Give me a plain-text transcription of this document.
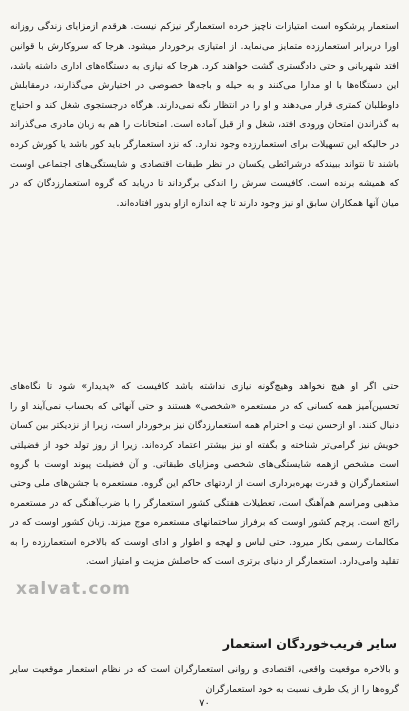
استعمار پرشکوه است امتیازات ناچیز خرده استعمارگر نیزکم نیست. هرقدم ازمزایای زندگی روزانه اورا دربرابر استعمارزده متمایز می‌نماید. از امتیازی برخوردار میشود. هرجا که سروکارش با قوانین افتد شهربانی و حتی دادگستری گشت خواهند کرد. هرجا که نیازی به دستگاه‌های اداری داشته باشد، این دستگاه‌ها با او مدارا می‌کنند و به حیله و باجه‌ها خصوصی در اختیارش می‌گذارند، درمقابلش داوطلبان کمتری قرار می‌دهند و او را در انتظار نگه نمی‌دارند. هرگاه درجستجوی شغل کند و احتیاج به گذراندن امتحان ورودی افتد، شغل و از قبل آماده است. امتحانات را هم به زبان مادری می‌گذراند در حالیکه این تسهیلات برای استعمارزده وجود ندارد. که نزد استعمارگر باید کور باشد یا کورش کرده باشند تا نتواند ببیندکه درشرائطی یکسان در نظر طبقات اقتصادی و شایستگی‌های اجتماعی اوست که همیشه برنده است. کافیست سرش را اندکی برگرداند تا دریابد که گروه استعمارزدگان که در میان آنها همکاران سابق او نیز وجود دارند تا چه اندازه ازاو بدور افتاده‌اند.

حتی اگر او هیچ نخواهد وهیچ‌گونه نیازی نداشته باشد کافیست که «پدیدار» شود تا نگاه‌های تحسین‌آمیز همه کسانی که در مستعمره «شخصی» هستند و حتی آنهائی که بحساب نمی‌آیند او را دنبال کنند. او ازحسن نیت و احترام همه استعمارزدگان نیز برخوردار است، زیرا از نزدیکتر بین کسان خویش نیز گرامی‌تر شناخته و بگفته او نیز بیشتر اعتماد کرده‌اند. زیرا از روز تولد خود از فضیلتی است مشخص ازهمه شایستگی‌های شخصی ومزایای طبقاتی. و آن فضیلت پیوند اوست با گروه استعمارگران و قدرت بهره‌برداری است از اردتهای حاکم این گروه. مستعمره با جشن‌های ملی وحتی مذهبی ومراسم هم‌آهنگ است، تعطیلات هفتگی کشور استعمارگر را با ضرب‌آهنگی که در مستعمره رائج است. پرچم کشور اوست که برفراز ساختمانهای مستعمره موج میزند. زبان کشور اوست که در مکالمات رسمی بکار میرود. حتی لباس و لهجه و اطوار و ادای اوست که بالاخره استعمارزده را به تقلید وامی‌دارد. استعمارگر از دنیای برتری است که حاصلش مزیت و امتیاز است.

xalvat.com
سایر فریب‌خوردگان استعمار

و بالاخره موقعیت واقعی، اقتصادی و روانی استعمارگران است که در نظام استعمار موقعیت سایر گروه‌ها را از یک طرف نسبت به خود استعمارگران

۷۰
